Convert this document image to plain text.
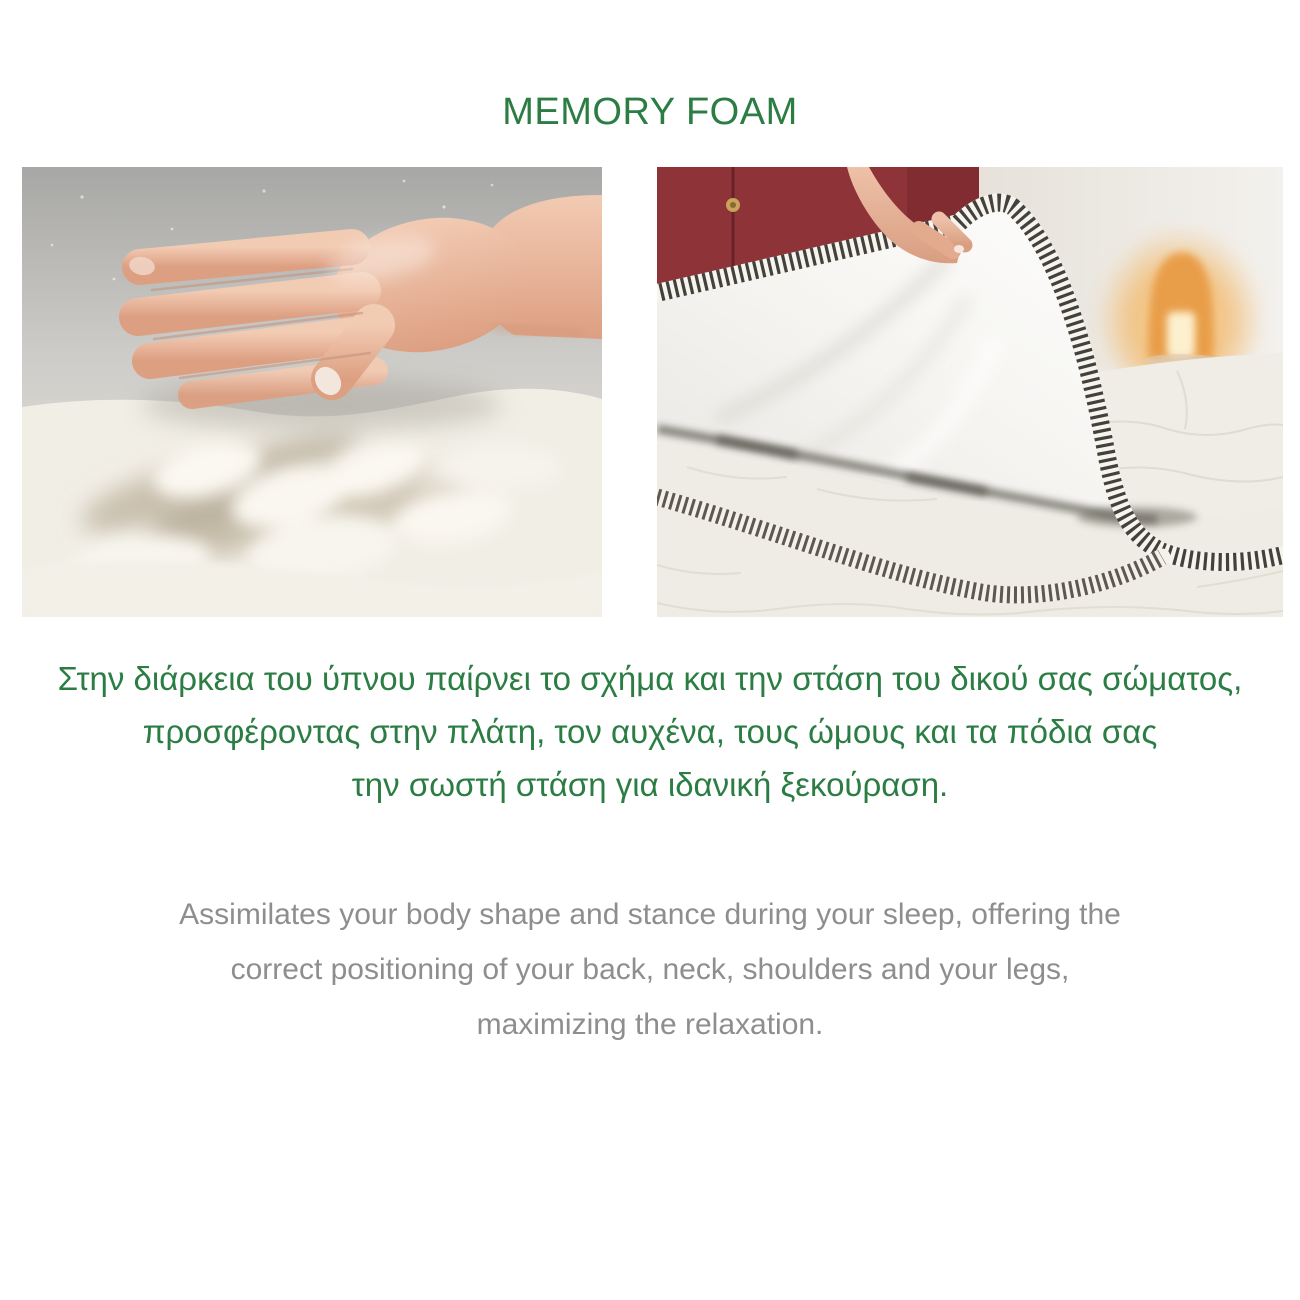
MEMORY FOAM
Στην διάρκεια του ύπνου παίρνει το σχήμα και την στάση του δικού σας σώματος,
προσφέροντας στην πλάτη, τον αυχένα, τους ώμους και τα πόδια σας
την σωστή στάση για ιδανική ξεκούραση.
Assimilates your body shape and stance during your sleep, offering the
correct positioning of your back, neck, shoulders and your legs,
maximizing the relaxation.
